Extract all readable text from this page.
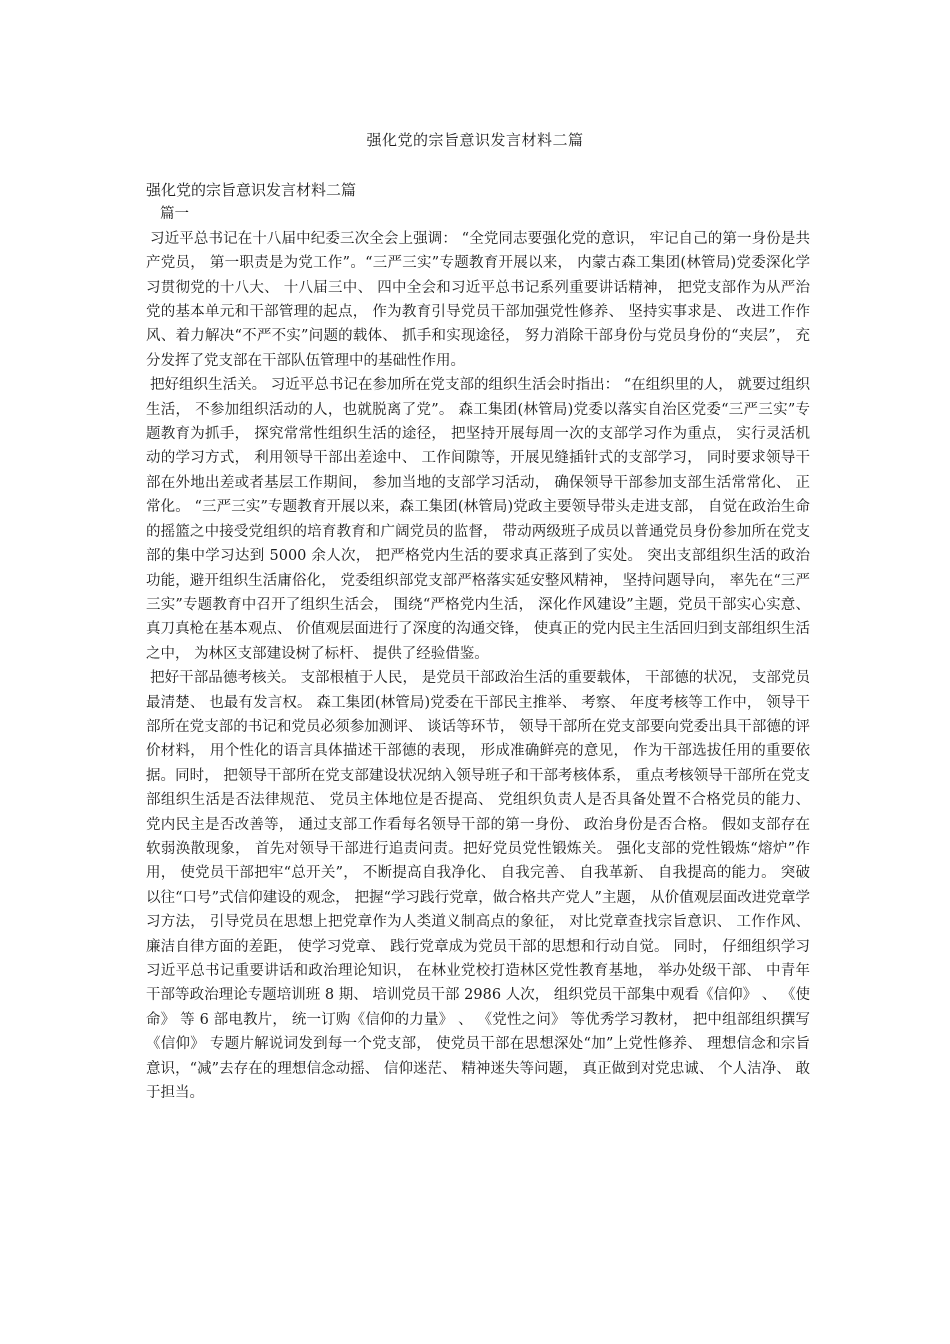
强化党的宗旨意识发言材料二篇

强化党的宗旨意识发言材料二篇

篇一

习近平总书记在十八届中纪委三次全会上强调： “全党同志要强化党的意识， 牢记自己的第一身份是共产党员， 第一职责是为党工作”。“三严三实”专题教育开展以来， 内蒙古森工集团(林管局)党委深化学习贯彻党的十八大、 十八届三中、 四中全会和习近平总书记系列重要讲话精神， 把党支部作为从严治党的基本单元和干部管理的起点， 作为教育引导党员干部加强党性修养、 坚持实事求是、 改进工作作风、着力解决“不严不实”问题的载体、 抓手和实现途径， 努力消除干部身份与党员身份的“夹层”， 充分发挥了党支部在干部队伍管理中的基础性作用。

把好组织生活关。 习近平总书记在参加所在党支部的组织生活会时指出： “在组织里的人， 就要过组织生活， 不参加组织活动的人，也就脱离了党”。 森工集团(林管局)党委以落实自治区党委“三严三实”专题教育为抓手， 探究常常性组织生活的途径， 把坚持开展每周一次的支部学习作为重点， 实行灵活机动的学习方式， 利用领导干部出差途中、 工作间隙等，开展见缝插针式的支部学习， 同时要求领导干部在外地出差或者基层工作期间， 参加当地的支部学习活动， 确保领导干部参加支部生活常常化、 正常化。 “三严三实”专题教育开展以来，森工集团(林管局)党政主要领导带头走进支部， 自觉在政治生命的摇篮之中接受党组织的培育教育和广阔党员的监督， 带动两级班子成员以普通党员身份参加所在党支部的集中学习达到 5000 余人次， 把严格党内生活的要求真正落到了实处。 突出支部组织生活的政治功能，避开组织生活庸俗化， 党委组织部党支部严格落实延安整风精神， 坚持问题导向， 率先在“三严三实”专题教育中召开了组织生活会， 围绕“严格党内生活， 深化作风建设”主题，党员干部实心实意、 真刀真枪在基本观点、 价值观层面进行了深度的沟通交锋， 使真正的党内民主生活回归到支部组织生活之中， 为林区支部建设树了标杆、 提供了经验借鉴。

把好干部品德考核关。 支部根植于人民， 是党员干部政治生活的重要载体， 干部德的状况， 支部党员最清楚、 也最有发言权。 森工集团(林管局)党委在干部民主推举、 考察、 年度考核等工作中， 领导干部所在党支部的书记和党员必须参加测评、 谈话等环节， 领导干部所在党支部要向党委出具干部德的评价材料， 用个性化的语言具体描述干部德的表现， 形成准确鲜亮的意见， 作为干部选拔任用的重要依据。同时， 把领导干部所在党支部建设状况纳入领导班子和干部考核体系， 重点考核领导干部所在党支部组织生活是否法律规范、 党员主体地位是否提高、 党组织负责人是否具备处置不合格党员的能力、 党内民主是否改善等， 通过支部工作看每名领导干部的第一身份、 政治身份是否合格。 假如支部存在软弱涣散现象， 首先对领导干部进行追责问责。把好党员党性锻炼关。 强化支部的党性锻炼“熔炉”作用， 使党员干部把牢“总开关”， 不断提高自我净化、 自我完善、 自我革新、 自我提高的能力。 突破以往“口号”式信仰建设的观念， 把握“学习践行党章，做合格共产党人”主题， 从价值观层面改进党章学习方法， 引导党员在思想上把党章作为人类道义制高点的象征， 对比党章查找宗旨意识、 工作作风、 廉洁自律方面的差距， 使学习党章、 践行党章成为党员干部的思想和行动自觉。 同时， 仔细组织学习习近平总书记重要讲话和政治理论知识， 在林业党校打造林区党性教育基地， 举办处级干部、 中青年干部等政治理论专题培训班 8 期、 培训党员干部 2986 人次， 组织党员干部集中观看《信仰》 、 《使命》 等 6 部电教片， 统一订购《信仰的力量》 、 《党性之问》 等优秀学习教材， 把中组部组织撰写《信仰》 专题片解说词发到每一个党支部， 使党员干部在思想深处“加”上党性修养、 理想信念和宗旨意识，“减”去存在的理想信念动摇、 信仰迷茫、 精神迷失等问题， 真正做到对党忠诚、 个人洁净、 敢于担当。
